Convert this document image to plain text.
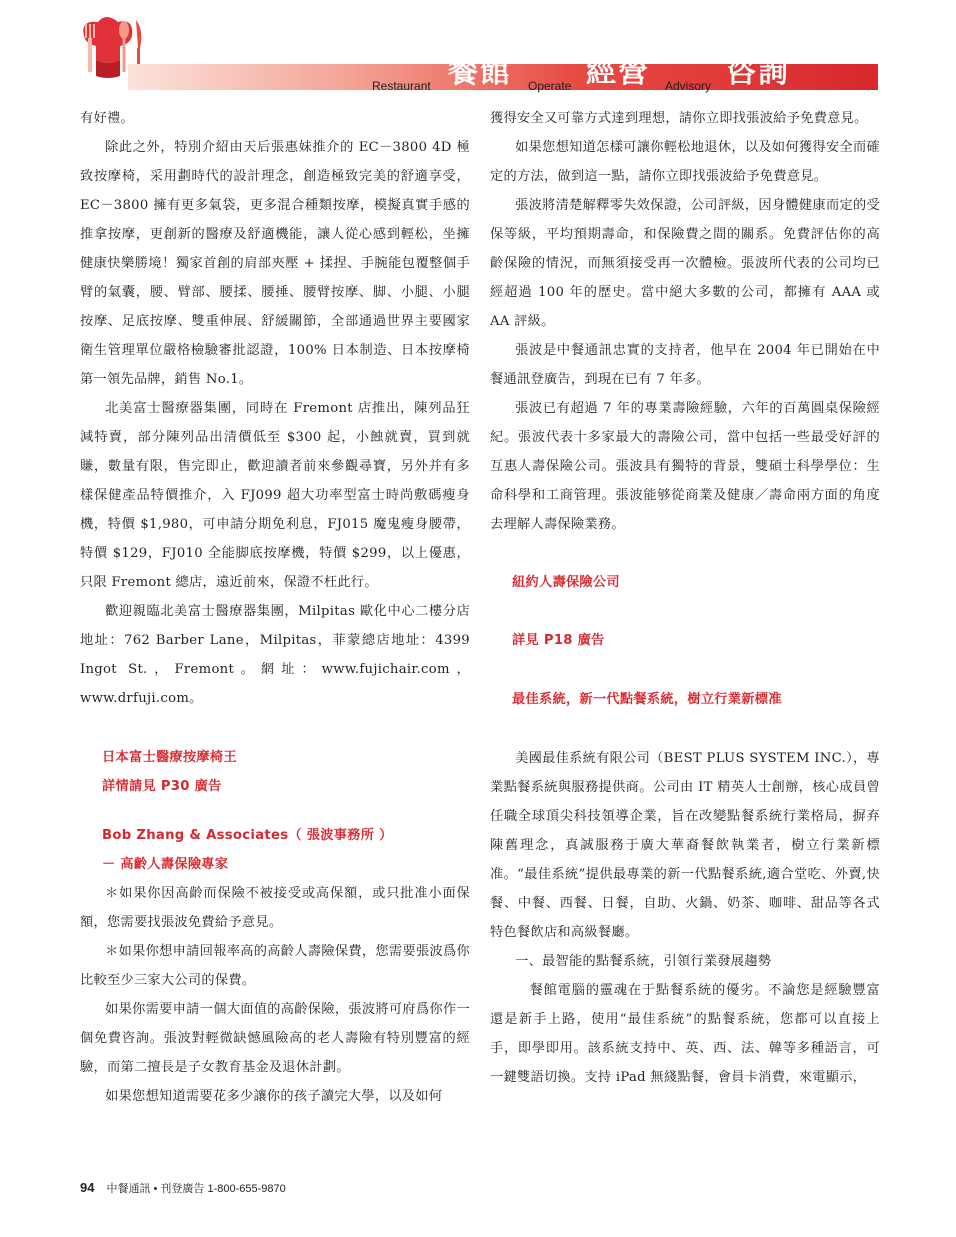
Restaurant 餐館 Operate 經營 Advisory 咨詢

有好禮。

除此之外，特別介紹由天后張惠妹推介的 EC－3800 4D 極致按摩椅，采用劃時代的設計理念，創造極致完美的舒適享受，EC－3800 擁有更多氣袋，更多混合種類按摩，模擬真實手感的推拿按摩，更創新的醫療及舒適機能，讓人從心感到輕松，坐擁健康快樂勝境！獨家首創的肩部夾壓 + 揉捏、手腕能包覆整個手臂的氣囊，腰、臂部、腰揉、腰捶、腰臂按摩、脚、小腿、小腿按摩、足底按摩、雙重伸展、舒緩關節，全部通過世界主要國家衛生管理單位嚴格檢驗審批認證，100% 日本制造、日本按摩椅第一領先品牌，銷售 No.1。

北美富士醫療器集團，同時在 Fremont 店推出，陳列品狂減特賣，部分陳列品出清價低至 $300 起，小蝕就賣，買到就賺，數量有限，售完即止，歡迎讀者前來參觀尋寶，另外并有多樣保健產品特價推介，入 FJ099 超大功率型富士時尚敷碼瘦身機，特價 $1,980，可申請分期免利息，FJ015 魔鬼瘦身腰帶，特價 $129，FJ010 全能脚底按摩機，特價 $299，以上優惠，只限 Fremont 總店，遠近前來，保證不枉此行。

歡迎親臨北美富士醫療器集團，Milpitas 歐化中心二樓分店地址：762 Barber Lane，Milpitas，菲蒙總店地址：4399 Ingot St.，Fremont。網址：www.fujichair.com，www.drfuji.com。

日本富士醫療按摩椅王

詳情請見 P30 廣告

Bob Zhang & Associates（ 張波事務所 ）

－ 高齡人壽保險專家

＊如果你因高齡而保險不被接受或高保額，或只批准小面保額，您需要找張波免費給予意見。

＊如果你想申請回報率高的高齡人壽險保費，您需要張波爲你比較至少三家大公司的保費。

如果你需要申請一個大面值的高齡保險，張波將可府爲你作一個免費咨詢。張波對輕微缺憾風險高的老人壽險有特別豐富的經驗，而第二擅長是子女教育基金及退休計劃。

如果您想知道需要花多少讓你的孩子讀完大學，以及如何

獲得安全又可靠方式達到理想，請你立即找張波給予免費意見。

如果您想知道怎樣可讓你輕松地退休，以及如何獲得安全而確定的方法，做到這一點，請你立即找張波給予免費意見。

張波將清楚解釋零失效保證，公司評級，因身體健康而定的受保等級，平均預期壽命，和保險費之間的關系。免費評估你的高齡保險的情況，而無須接受再一次體檢。張波所代表的公司均已經超過 100 年的歷史。當中絕大多數的公司，都擁有 AAA 或 AA 評級。

張波是中餐通訊忠實的支持者，他早在 2004 年已開始在中餐通訊登廣告，到現在已有 7 年多。

張波已有超過 7 年的專業壽險經驗，六年的百萬圓桌保險經紀。張波代表十多家最大的壽險公司，當中包括一些最受好評的互惠人壽保險公司。張波具有獨特的背景，雙碩士科學學位：生命科學和工商管理。張波能够從商業及健康／壽命兩方面的角度去理解人壽保險業務。

紐約人壽保險公司

詳見 P18 廣告

最佳系統，新一代點餐系統，樹立行業新標准

美國最佳系統有限公司（BEST PLUS SYSTEM INC.），專業點餐系統與服務提供商。公司由 IT 精英人士創辦，核心成員曾任職全球頂尖科技領導企業，旨在改變點餐系統行業格局，摒弃陳舊理念，真誠服務于廣大華裔餐飲執業者，樹立行業新標准。“最佳系統”提供最專業的新一代點餐系統,適合堂吃、外賣,快餐、中餐、西餐、日餐，自助、火鍋、奶茶、咖啡、甜品等各式特色餐飲店和高級餐廳。

一、最智能的點餐系統，引領行業發展趨勢

餐館電腦的靈魂在于點餐系統的優劣。不論您是經驗豐富還是新手上路，使用“最佳系統”的點餐系統，您都可以直接上手，即學即用。該系統支持中、英、西、法、韓等多種語言，可一鍵雙語切換。支持 iPad 無綫點餐，會員卡消費，來電顯示，

94 中餐通訊 • 刊登廣告 1-800-655-9870
